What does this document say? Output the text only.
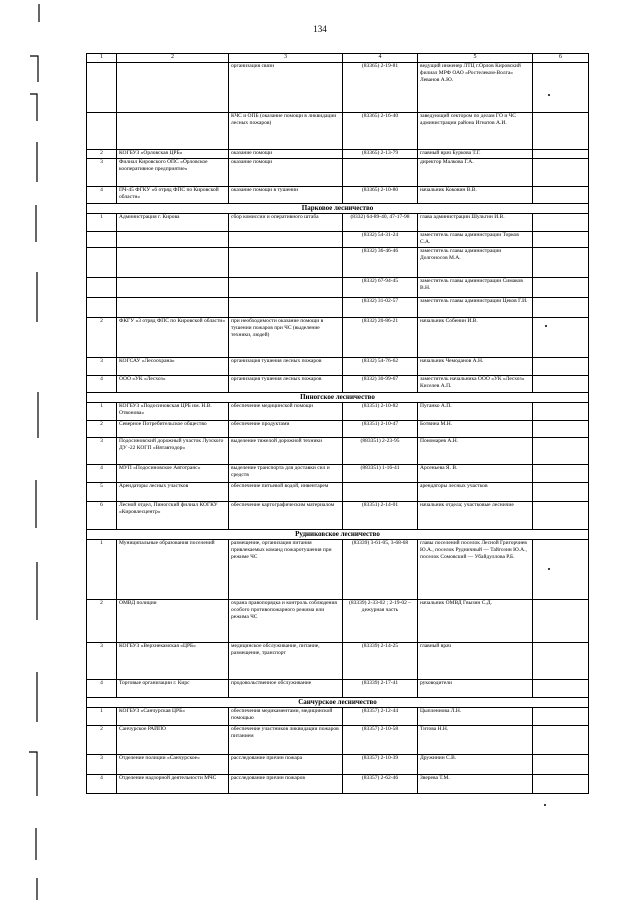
134
1	2	3	4	5	6
		организация связи	(83365) 2-19-81	ведущий инженер ЛТЦ г.Орлов Кировский филиал МРФ ОАО «Ростелеком-Волга» Леванов А.Ю.	
		КЧС и ОПБ (оказание помощи в ликвидации лесных пожаров)	(83365) 2-16-40	заведующий сектором по делам ГО и ЧС администрации района Игнатов А.И.	
2	КОГБУЗ «Орловская ЦРБ»	оказание помощи	(83365) 2-13-79	главный врач Буркова Т.Г.	
3	Филиал Кировского ОПС «Орловское кооперативное предприятие»	оказание помощи		директор Малкова Г.А.	
4	ПЧ-45 ФГКУ «6 отряд ФПС по Кировской области»	оказание помощи в тушении	(83365) 2-10-80	начальник Коковин В.В.	
Парковое лесничество					
1	Администрация г. Кирова	сбор комиссии и оперативного штаба	(8332) 64-89-40, 47-17-98	глава администрации Шульгин И.В.	
			(8332) 54-31-24	заместитель главы администрации Торков С.А.	
			(8332) 36-46-46	заместитель главы администрации Долгоносов М.А.	
			(8332) 67-94-45	заместитель главы администрации Симаков В.Н.	
			(8332) 31-02-57	заместитель главы администрации Цеков Г.И.	
2	ФКГУ «3 отряд ФПС по Кировской области»	при необходимости оказание помощи в тушении пожаров при ЧС (выделение техники, людей)	(8332) 20-86-21	начальник Собенин И.В.	
3	КОГСАУ «Лесоохрана»	организация тушения лесных пожаров	(8332) 54-76-62	начальник Чемоданов А.Н.	
4	ООО «УК «Лесхоз»	организация тушения лесных пожаров	(8332) 30-99-67	заместитель начальника ООО «УК «Лесхоз» Киселев А.П.	
Пиногское лесничество					
1	КОГБУЗ «Подосиновская ЦРБ им. Н.В. Отвонова»	обеспечение медицинской помощи	(83351) 2-10-82	Пуганко А.П.	
2	Северное Потребительское общество	обеспечение продуктами	(83351) 2-10-47	Ботвина М.Н.	
3	Подосиновский дорожный участок Лузского ДУ -22 КОГП «Вятавтодор»	выделение тяжелой дорожной техники	(883351) 2-23-95	Пономарев А.Н.	
4	МУП «Подосиновское Автотранс»	выделение транспорта для доставки сил и средств	(883351) 1-16-41	Арсеньева Я. В.	
5	Арендаторы лесных участков	обеспечение питьевой водой, инвентарем		арендаторы лесных участков	
6	Лесной отдел, Пиногский филиал КОГКУ «Кировлесцентр»	обеспечение картографическим материалом	(83351) 2-14-01	начальник отдела; участковые лесничие	
Рудниковское лесничество					
1	Муниципальные образования поселений	размещение, организация питания привлекаемых команд пожаротушения при режиме ЧС	(83339) 3-61-05, 3-68-68	главы поселений поселок Лесной Григорчиев Ю.А., поселок Рудничный — Тайгозин Ю.А., поселок Сомовский — Убайдуллова Р.Б.	
2	ОМВД полиции	охрана правопорядка и контроль соблюдения особого противопожарного режима или режима ЧС	(83339) 2-33-02 ; 2-19-02 –дежурная часть	начальник ОМВД Гвызин С.Д.	
3	КОГБУЗ «Верхнекамская «ЦРБ»	медицинское обслуживание, питание, размещение, транспорт	(83339) 2-14-25	главный врач	
4	Торговые организации г. Кирс	продовольственное обслуживание	(83339) 2-17-41	руководители	
Санчурское лесничество					
1	КОГБУЗ «Санчурская ЦРБ»	обеспечения медикаментами, медицинской помощью	(83357) 2-12-44	Цыплениова Л.Н.	
2	Санчурское РАЙПО	обеспечение участников ликвидации пожаров питанием	(83357) 2-10-58	Титова Н.Н.	
3	Отделение полиции «Санчурское»	расследование причин пожара	(83357) 2-10-39	Дружинин С.В.	
4	Отделение надзорной деятельности МЧС	расследование причин пожаров	(83357) 2-62-46	Зверева Т.М.	
